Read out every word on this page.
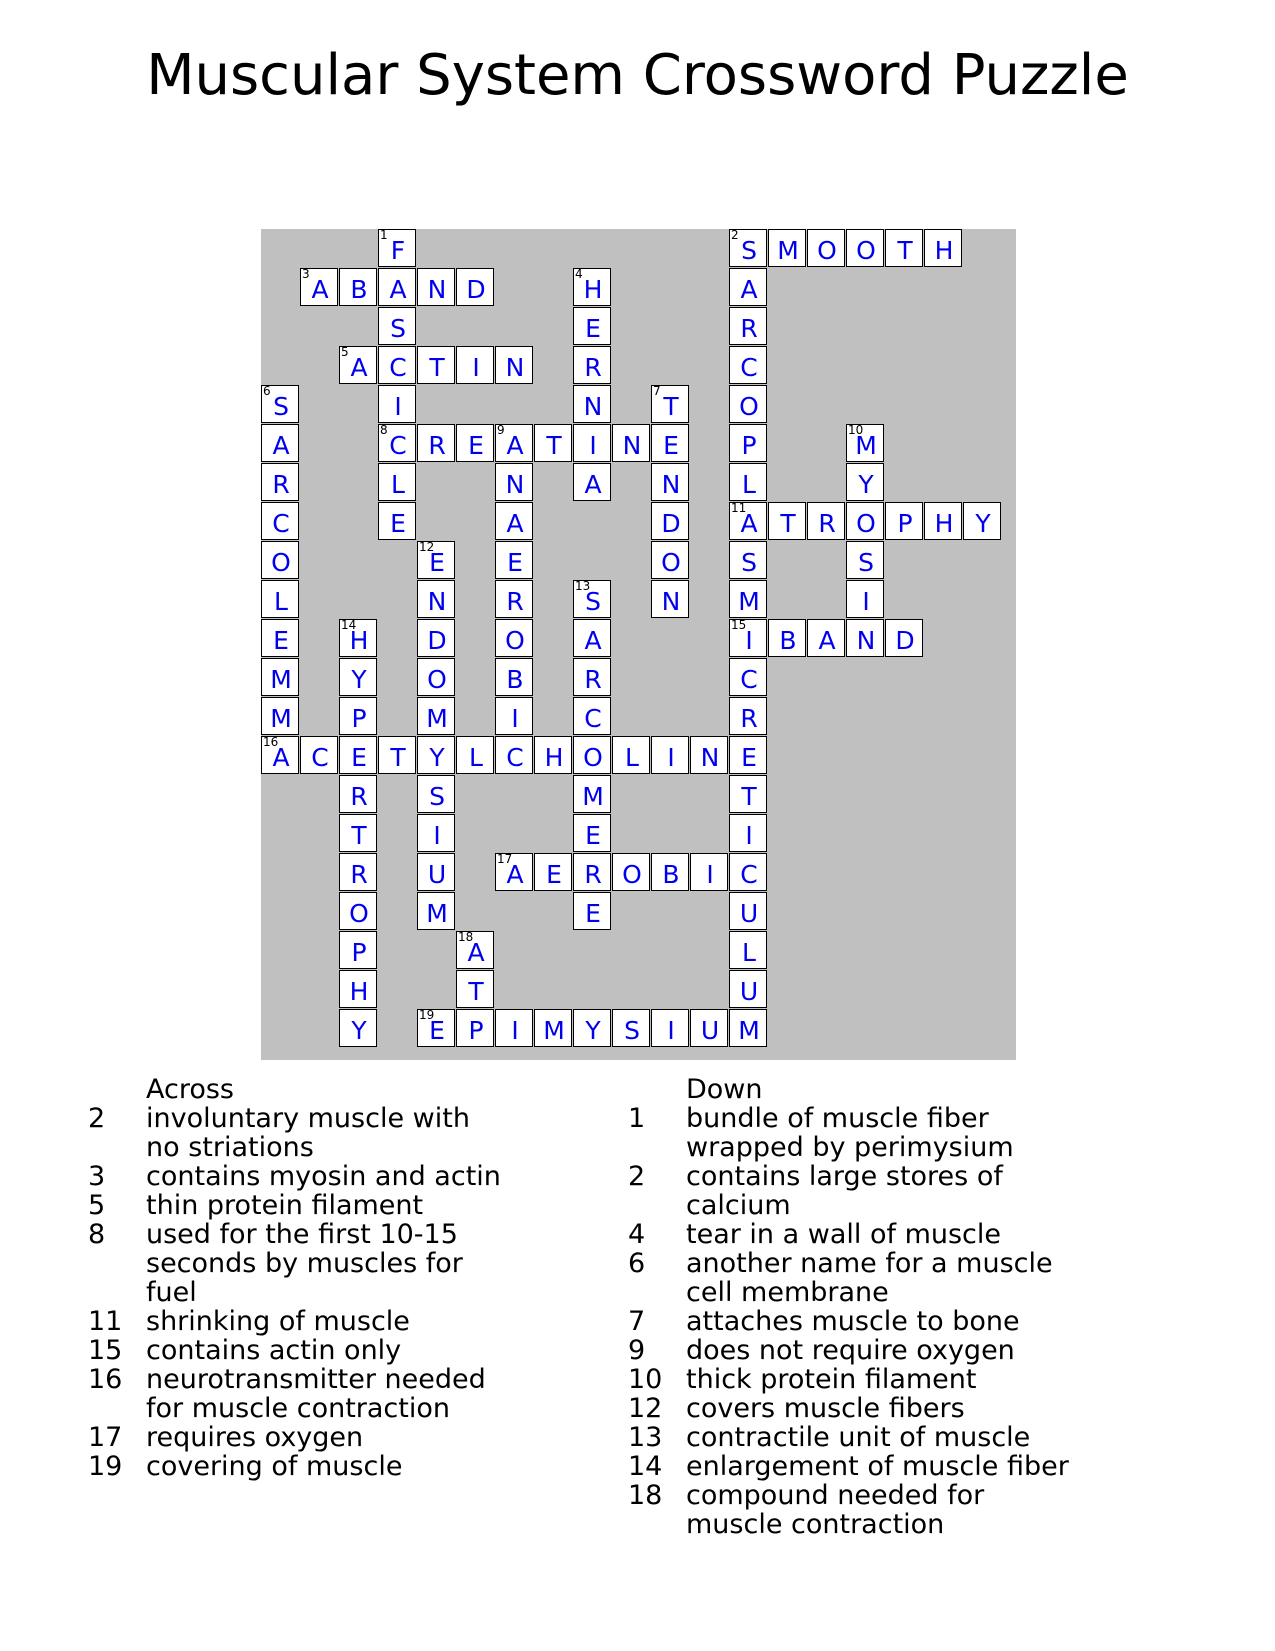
Muscular System Crossword Puzzle
2
S M O O T H
3
A B A N D
5
A C T	I	N
8
C R E
9
A T	I	N E
11
A T R O P H Y
15
I	B A N D
16
A C E T Y L C H O L	I	N E
17
A E R O B	I	C
19
E P	I M Y S	I	U M
1
F
S
I
L
E
A
R
C
O
P
L
S
M
C
R
T
I
U
L
U
4
H
E
R
N
A
6
S
A
R
C
O
L
E
M
M
7
T
N
D
O
N
N
A
E
R
O
B
I
10
M
Y
S
I
12
E
N
D
O
M
S
I
U
M
13
S
A
R
C
M
E
E
14
H
Y
P
R
T
R
O
P
H
Y
18
A
T
Across
2	involuntary muscle with no striations
3	contains myosin and actin
5	thin protein filament
8	used for the first 10-15 seconds by muscles for fuel
11 shrinking of muscle
15 contains actin only
16 neurotransmitter needed for muscle contraction
17 requires oxygen
19 covering of muscle
Down
1	bundle of muscle fiber wrapped by perimysium
2	contains large stores of calcium
4	tear in a wall of muscle
6	another name for a muscle cell membrane
7	attaches muscle to bone
9	does not require oxygen
10 thick protein filament
12 covers muscle fibers
13 contractile unit of muscle
14 enlargement of muscle fiber
18 compound needed for muscle contraction
